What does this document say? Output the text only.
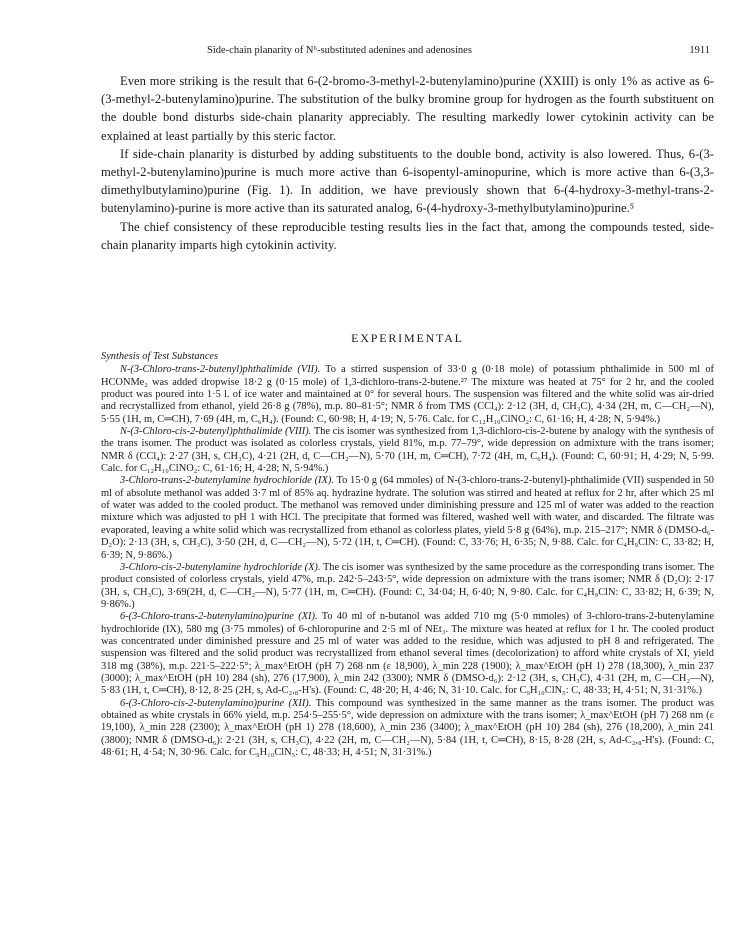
Side-chain planarity of N⁶-substituted adenines and adenosines	1911

Even more striking is the result that 6-(2-bromo-3-methyl-2-butenylamino)purine (XXIII) is only 1% as active as 6-(3-methyl-2-butenylamino)purine. The substitution of the bulky bromine group for hydrogen as the fourth substituent on the double bond disturbs side-chain planarity appreciably. The resulting markedly lower cytokinin activity can be explained at least partially by this steric factor.

If side-chain planarity is disturbed by adding substituents to the double bond, activity is also lowered. Thus, 6-(3-methyl-2-butenylamino)purine is much more active than 6-isopentyl-aminopurine, which is more active than 6-(3,3-dimethylbutylamino)purine (Fig. 1). In addition, we have previously shown that 6-(4-hydroxy-3-methyl-trans-2-butenylamino)-purine is more active than its saturated analog, 6-(4-hydroxy-3-methylbutylamino)purine.⁵

The chief consistency of these reproducible testing results lies in the fact that, among the compounds tested, side-chain planarity imparts high cytokinin activity.

EXPERIMENTAL
Synthesis of Test Substances

N-(3-Chloro-trans-2-butenyl)phthalimide (VII). To a stirred suspension of 33·0 g (0·18 mole) of potassium phthalimide in 500 ml of HCONMe₂ was added dropwise 18·2 g (0·15 mole) of 1,3-dichloro-trans-2-butene.²⁷ The mixture was heated at 75° for 2 hr, and the cooled product was poured into 1·5 l. of ice water and maintained at 0° for several hours. The suspension was filtered and the white solid was air-dried and recrystallized from ethanol, yield 26·8 g (78%), m.p. 80–81·5°; NMR δ from TMS (CCl₄): 2·12 (3H, d, CH₃C), 4·34 (2H, m, C—CH₂—N), 5·55 (1H, m, C═CH), 7·69 (4H, m, C₆H₄). (Found: C, 60·98; H, 4·19; N, 5·76. Calc. for C₁₂H₁₀ClNO₂: C, 61·16; H, 4·28; N, 5·94%.)

N-(3-Chloro-cis-2-butenyl)phthalimide (VIII). The cis isomer was synthesized from 1,3-dichloro-cis-2-butene by analogy with the synthesis of the trans isomer. The product was isolated as colorless crystals, yield 81%, m.p. 77–79°, wide depression on admixture with the trans isomer; NMR δ (CCl₄): 2·27 (3H, s, CH₃C), 4·21 (2H, d, C—CH₂—N), 5·70 (1H, m, C═CH), 7·72 (4H, m, C₆H₄). (Found: C, 60·91; H, 4·29; N, 5·99. Calc. for C₁₂H₁₀ClNO₂: C, 61·16; H, 4·28; N, 5·94%.)

3-Chloro-trans-2-butenylamine hydrochloride (IX). To 15·0 g (64 mmoles) of N-(3-chloro-trans-2-butenyl)-phthalimide (VII) suspended in 50 ml of absolute methanol was added 3·7 ml of 85% aq. hydrazine hydrate. The solution was stirred and heated at reflux for 2 hr, after which 25 ml of water was added to the cooled product. The methanol was removed under diminishing pressure and 125 ml of water was added to the reaction mixture which was adjusted to pH 1 with HCl. The precipitate that formed was filtered, washed well with water, and discarded. The filtrate was evaporated, leaving a white solid which was recrystallized from ethanol as colorless plates, yield 5·8 g (64%), m.p. 215–217°; NMR δ (DMSO-d₆-D₂O): 2·13 (3H, s, CH₃C), 3·50 (2H, d, C—CH₂—N), 5·72 (1H, t, C═CH). (Found: C, 33·76; H, 6·35; N, 9·88. Calc. for C₄H₉ClN: C, 33·82; H, 6·39; N, 9·86%.)

3-Chloro-cis-2-butenylamine hydrochloride (X). The cis isomer was synthesized by the same procedure as the corresponding trans isomer. The product consisted of colorless crystals, yield 47%, m.p. 242·5–243·5°, wide depression on admixture with the trans isomer; NMR δ (D₂O): 2·17 (3H, s, CH₃C), 3·69(2H, d, C—CH₂—N), 5·77 (1H, m, C═CH). (Found: C, 34·04; H, 6·40; N, 9·80. Calc. for C₄H₉ClN: C, 33·82; H, 6·39; N, 9·86%.)

6-(3-Chloro-trans-2-butenylamino)purine (XI). To 40 ml of n-butanol was added 710 mg (5·0 mmoles) of 3-chloro-trans-2-butenylamine hydrochloride (IX), 580 mg (3·75 mmoles) of 6-chloropurine and 2·5 ml of NEt₃. The mixture was heated at reflux for 1 hr. The cooled product was concentrated under diminished pressure and 25 ml of water was added to the residue, which was adjusted to pH 8 and refrigerated. The suspension was filtered and the solid product was recrystallized from ethanol several times (decolorization) to afford white crystals of XI, yield 318 mg (38%), m.p. 221·5–222·5°; λ_max^EtOH (pH 7) 268 nm (ε 18,900), λ_min 228 (1900); λ_max^EtOH (pH 1) 278 (18,300), λ_min 237 (3000); λ_max^EtOH (pH 10) 284 (sh), 276 (17,900), λ_min 242 (3300); NMR δ (DMSO-d₆): 2·12 (3H, s, CH₃C), 4·31 (2H, m, C—CH₂—N), 5·83 (1H, t, C═CH), 8·12, 8·25 (2H, s, Ad-C₂,₈-H's). (Found: C, 48·20; H, 4·46; N, 31·10. Calc. for C₉H₁₀ClN₅: C, 48·33; H, 4·51; N, 31·31%.)

6-(3-Chloro-cis-2-butenylamino)purine (XII). This compound was synthesized in the same manner as the trans isomer. The product was obtained as white crystals in 66% yield, m.p. 254·5–255·5°, wide depression on admixture with the trans isomer; λ_max^EtOH (pH 7) 268 nm (ε 19,100), λ_min 228 (2300); λ_max^EtOH (pH 1) 278 (18,600), λ_min 236 (3400); λ_max^EtOH (pH 10) 284 (sh), 276 (18,200), λ_min 241 (3800); NMR δ (DMSO-d₆): 2·21 (3H, s, CH₃C), 4·22 (2H, m, C—CH₂—N), 5·84 (1H, t, C═CH), 8·15, 8·28 (2H, s, Ad-C₂,₈-H's). (Found: C, 48·61; H, 4·54; N, 30·96. Calc. for C₉H₁₀ClN₅: C, 48·33; H, 4·51; N, 31·31%.)
